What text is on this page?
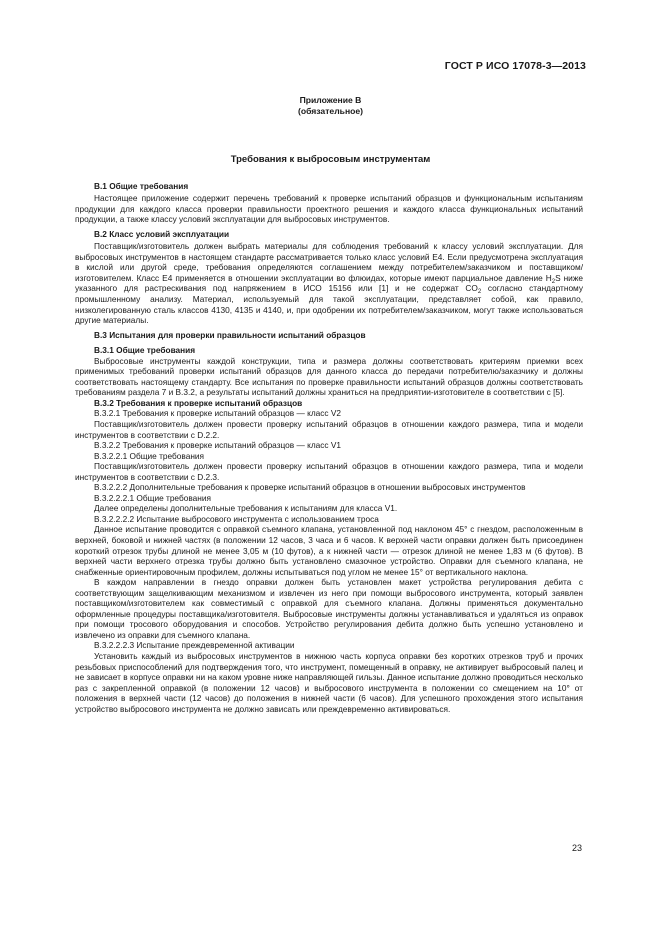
ГОСТ Р ИСО 17078-3—2013
Приложение В
(обязательное)
Требования к выбросовым инструментам

В.1 Общие требования

Настоящее приложение содержит перечень требований к проверке испытаний образцов и функциональным испытаниям продукции для каждого класса проверки правильности проектного решения и каждого класса функциональных испытаний продукции, а также классу условий эксплуатации для выбросовых инструментов.

В.2 Класс условий эксплуатации

Поставщик/изготовитель должен выбрать материалы для соблюдения требований к классу условий эксплуатации. Для выбросовых инструментов в настоящем стандарте рассматривается только класс условий Е4. Если предусмотрена эксплуатация в кислой или другой среде, требования определяются соглашением между потребителем/заказчиком и поставщиком/изготовителем. Класс Е4 применяется в отношении эксплуатации во флюидах, которые имеют парциальное давление $H_2S$ ниже указанного для растрескивания под напряжением в ИСО 15156 или [1] и не содержат $CO_2$ согласно стандартному промышленному анализу. Материал, используемый для такой эксплуатации, представляет собой, как правило, низколегированную сталь классов 4130, 4135 и 4140, и, при одобрении их потребителем/заказчиком, могут также использоваться другие материалы.

В.3 Испытания для проверки правильности испытаний образцов

В.3.1 Общие требования

Выбросовые инструменты каждой конструкции, типа и размера должны соответствовать критериям приемки всех применимых требований проверки испытаний образцов для данного класса до передачи потребителю/заказчику и должны соответствовать настоящему стандарту. Все испытания по проверке правильности испытаний образцов должны соответствовать требованиям раздела 7 и В.3.2, а результаты испытаний должны храниться на предприятии-изготовителе в соответствии с [5].

В.3.2 Требования к проверке испытаний образцов

В.3.2.1 Требования к проверке испытаний образцов — класс V2

Поставщик/изготовитель должен провести проверку испытаний образцов в отношении каждого размера, типа и модели инструментов в соответствии с D.2.2.

В.3.2.2 Требования к проверке испытаний образцов — класс V1

В.3.2.2.1 Общие требования

Поставщик/изготовитель должен провести проверку испытаний образцов в отношении каждого размера, типа и модели инструментов в соответствии с D.2.3.

В.3.2.2.2 Дополнительные требования к проверке испытаний образцов в отношении выбросовых инструментов

В.3.2.2.2.1 Общие требования

Далее определены дополнительные требования к испытаниям для класса V1.

В.3.2.2.2.2 Испытание выбросового инструмента с использованием троса

Данное испытание проводится с оправкой съемного клапана, установленной под наклоном 45° с гнездом, расположенным в верхней, боковой и нижней частях (в положении 12 часов, 3 часа и 6 часов. К верхней части оправки должен быть присоединен короткий отрезок трубы длиной не менее 3,05 м (10 футов), а к нижней части — отрезок длиной не менее 1,83 м (6 футов). В верхней части верхнего отрезка трубы должно быть установлено смазочное устройство. Оправки для съемного клапана, не снабженные ориентировочным профилем, должны испытываться под углом не менее 15° от вертикального наклона.

В каждом направлении в гнездо оправки должен быть установлен макет устройства регулирования дебита с соответствующим защелкивающим механизмом и извлечен из него при помощи выбросового инструмента, который заявлен поставщиком/изготовителем как совместимый с оправкой для съемного клапана. Должны применяться документально оформленные процедуры поставщика/изготовителя. Выбросовые инструменты должны устанавливаться и удаляться из оправок при помощи тросового оборудования и способов. Устройство регулирования дебита должно быть успешно установлено и извлечено из оправки для съемного клапана.

В.3.2.2.2.3 Испытание преждевременной активации

Установить каждый из выбросовых инструментов в нижнюю часть корпуса оправки без коротких отрезков труб и прочих резьбовых приспособлений для подтверждения того, что инструмент, помещенный в оправку, не активирует выбросовый палец и не зависает в корпусе оправки ни на каком уровне ниже направляющей гильзы. Данное испытание должно проводиться несколько раз с закрепленной оправкой (в положении 12 часов) и выбросового инструмента в положении со смещением на 10° от положения в верхней части (12 часов) до положения в нижней части (6 часов). Для успешного прохождения этого испытания устройство выбросового инструмента не должно зависать или преждевременно активироваться.

23
